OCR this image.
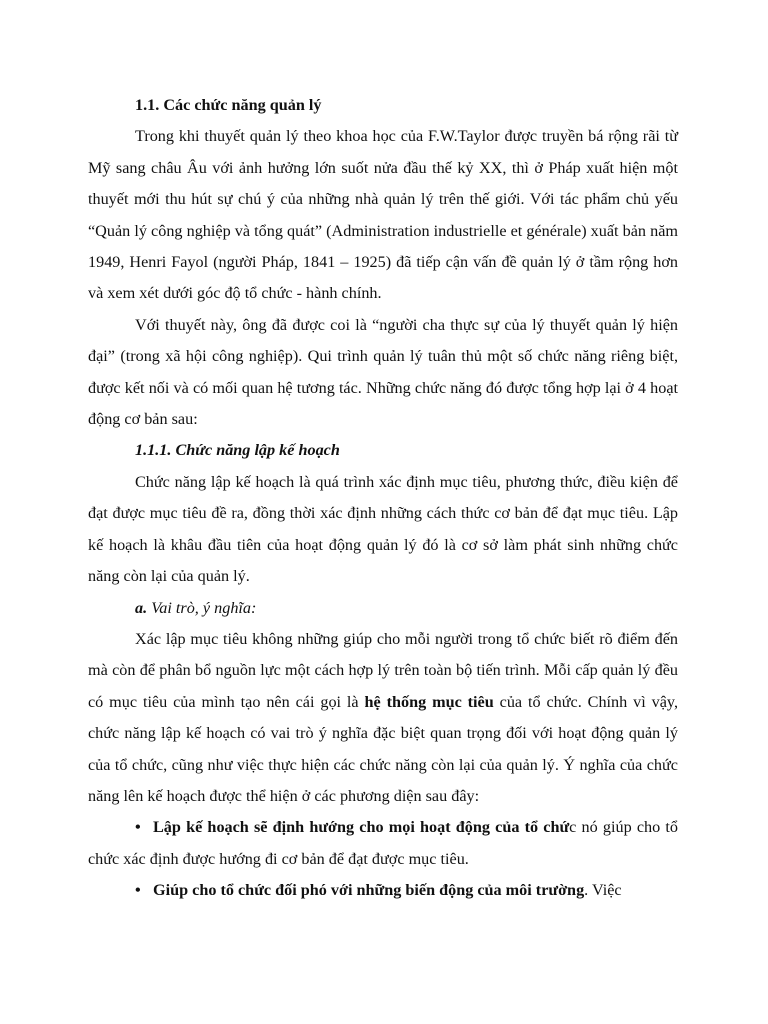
1.1. Các chức năng quản lý

Trong khi thuyết quản lý theo khoa học của F.W.Taylor được truyền bá rộng rãi từ Mỹ sang châu Âu với ảnh hưởng lớn suốt nửa đầu thế kỷ XX, thì ở Pháp xuất hiện một thuyết mới thu hút sự chú ý của những nhà quản lý trên thế giới. Với tác phẩm chủ yếu “Quản lý công nghiệp và tổng quát” (Administration industrielle et générale) xuất bản năm 1949, Henri Fayol (người Pháp, 1841 – 1925) đã tiếp cận vấn đề quản lý ở tầm rộng hơn và xem xét dưới góc độ tổ chức - hành chính.

Với thuyết này, ông đã được coi là “người cha thực sự của lý thuyết quản lý hiện đại” (trong xã hội công nghiệp). Qui trình quản lý tuân thủ một số chức năng riêng biệt, được kết nối và có mối quan hệ tương tác. Những chức năng đó được tổng hợp lại ở 4 hoạt động cơ bản sau:

1.1.1. Chức năng lập kế hoạch

Chức năng lập kế hoạch là quá trình xác định mục tiêu, phương thức, điều kiện để đạt được mục tiêu đề ra, đồng thời xác định những cách thức cơ bản để đạt mục tiêu. Lập kế hoạch là khâu đầu tiên của hoạt động quản lý đó là cơ sở làm phát sinh những chức năng còn lại của quản lý.

a. Vai trò, ý nghĩa:

Xác lập mục tiêu không những giúp cho mỗi người trong tổ chức biết rõ điểm đến mà còn để phân bổ nguồn lực một cách hợp lý trên toàn bộ tiến trình. Mỗi cấp quản lý đều có mục tiêu của mình tạo nên cái gọi là hệ thống mục tiêu của tổ chức. Chính vì vậy, chức năng lập kế hoạch có vai trò ý nghĩa đặc biệt quan trọng đối với hoạt động quản lý của tổ chức, cũng như việc thực hiện các chức năng còn lại của quản lý. Ý nghĩa của chức năng lên kế hoạch được thể hiện ở các phương diện sau đây:

• Lập kế hoạch sẽ định hướng cho mọi hoạt động của tổ chức nó giúp cho tổ chức xác định được hướng đi cơ bản để đạt được mục tiêu.

• Giúp cho tổ chức đối phó với những biến động của môi trường. Việc
